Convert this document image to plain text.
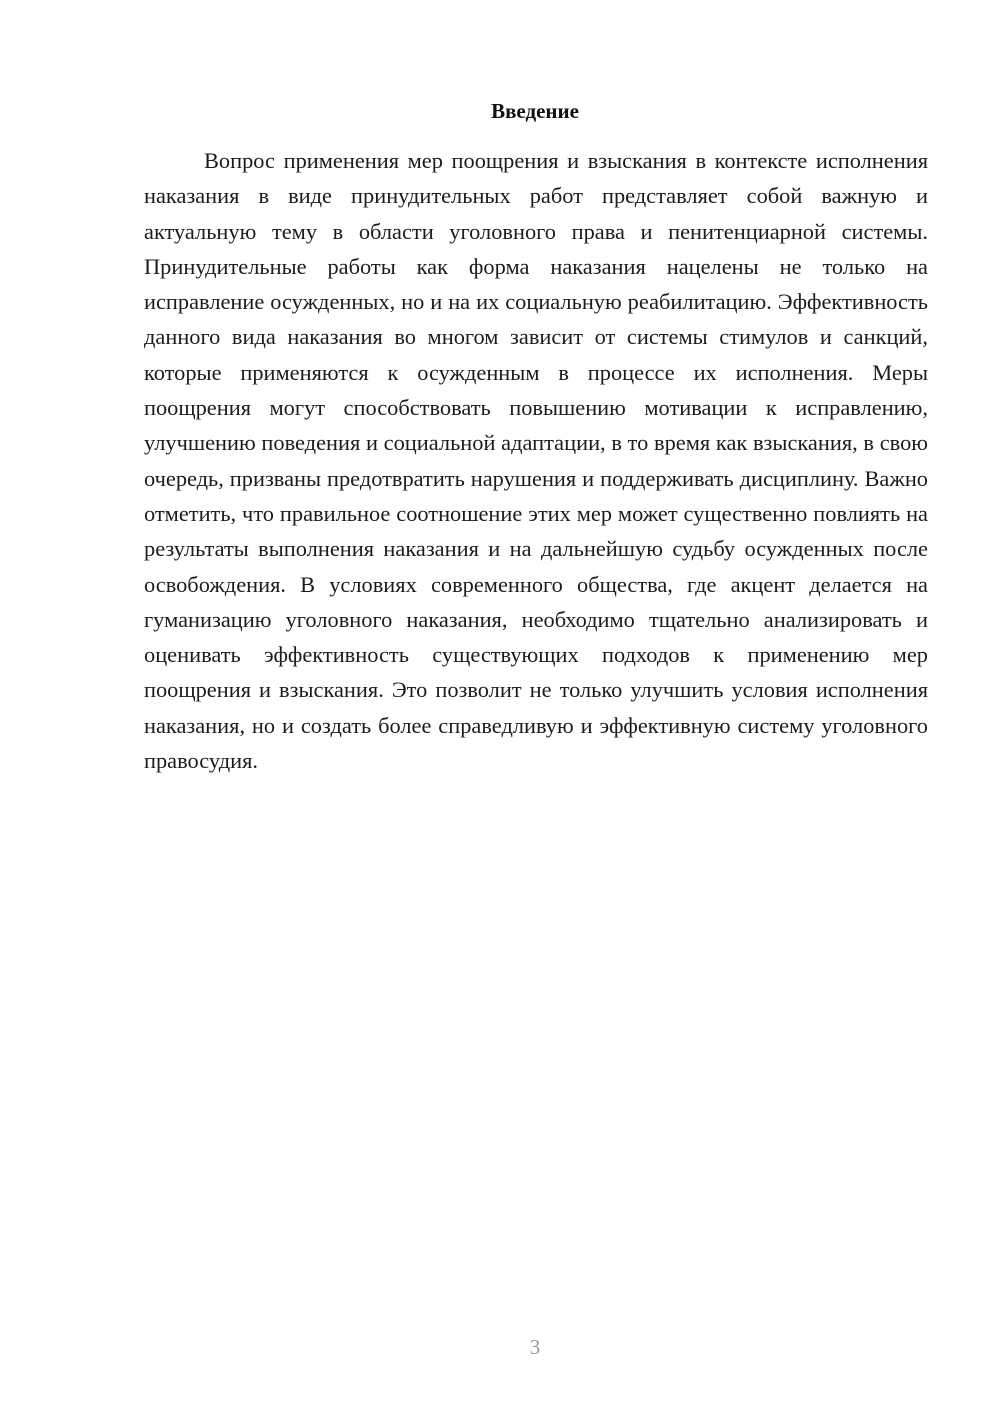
Введение

Вопрос применения мер поощрения и взыскания в контексте исполнения наказания в виде принудительных работ представляет собой важную и актуальную тему в области уголовного права и пенитенциарной системы. Принудительные работы как форма наказания нацелены не только на исправление осужденных, но и на их социальную реабилитацию. Эффективность данного вида наказания во многом зависит от системы стимулов и санкций, которые применяются к осужденным в процессе их исполнения. Меры поощрения могут способствовать повышению мотивации к исправлению, улучшению поведения и социальной адаптации, в то время как взыскания, в свою очередь, призваны предотвратить нарушения и поддерживать дисциплину. Важно отметить, что правильное соотношение этих мер может существенно повлиять на результаты выполнения наказания и на дальнейшую судьбу осужденных после освобождения. В условиях современного общества, где акцент делается на гуманизацию уголовного наказания, необходимо тщательно анализировать и оценивать эффективность существующих подходов к применению мер поощрения и взыскания. Это позволит не только улучшить условия исполнения наказания, но и создать более справедливую и эффективную систему уголовного правосудия.

3
